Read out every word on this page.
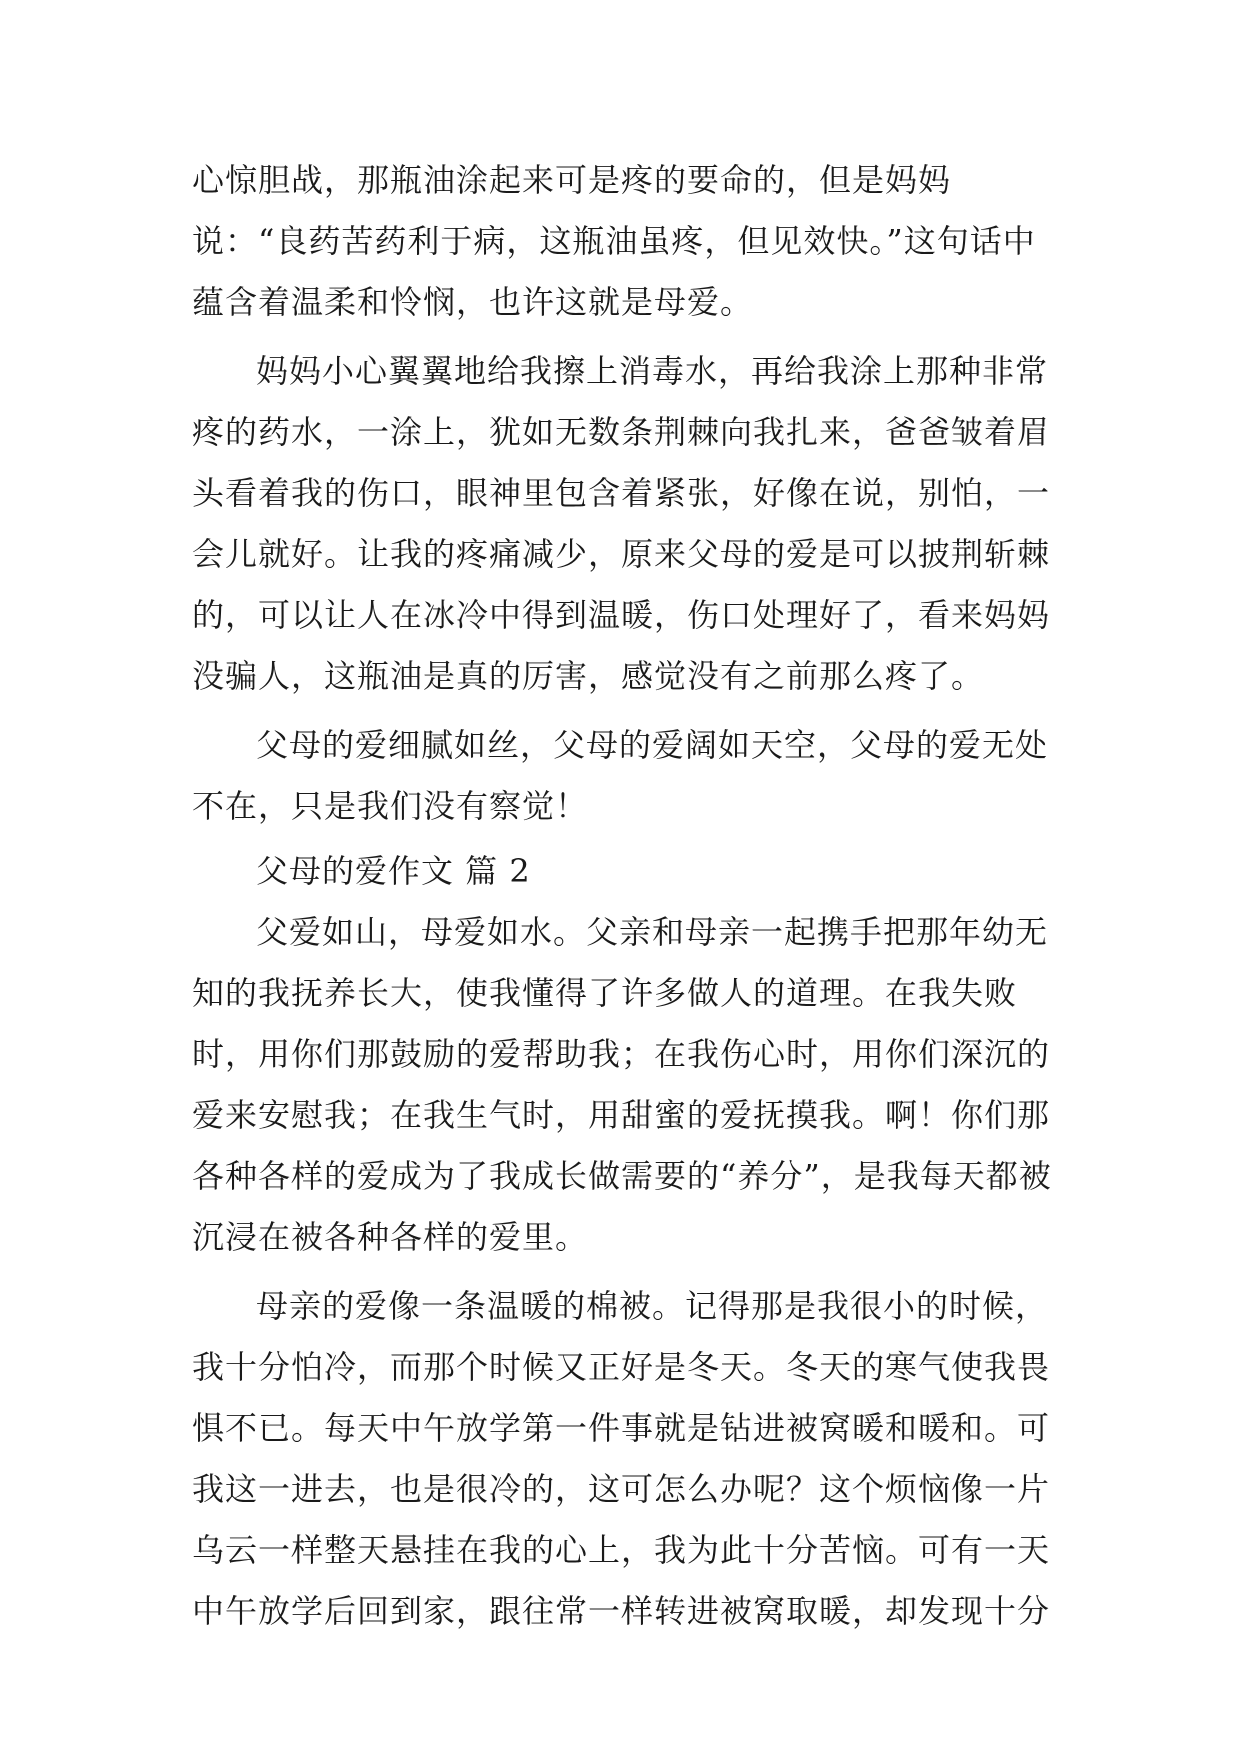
心惊胆战，那瓶油涂起来可是疼的要命的，但是妈妈说：“良药苦药利于病，这瓶油虽疼，但见效快。”这句话中蕴含着温柔和怜悯，也许这就是母爱。

妈妈小心翼翼地给我擦上消毒水，再给我涂上那种非常疼的药水，一涂上，犹如无数条荆棘向我扎来，爸爸皱着眉头看着我的伤口，眼神里包含着紧张，好像在说，别怕，一会儿就好。让我的疼痛减少，原来父母的爱是可以披荆斩棘的，可以让人在冰冷中得到温暖，伤口处理好了，看来妈妈没骗人，这瓶油是真的厉害，感觉没有之前那么疼了。

父母的爱细腻如丝，父母的爱阔如天空，父母的爱无处不在，只是我们没有察觉！

父母的爱作文 篇 2

父爱如山，母爱如水。父亲和母亲一起携手把那年幼无知的我抚养长大，使我懂得了许多做人的道理。在我失败时，用你们那鼓励的爱帮助我；在我伤心时，用你们深沉的爱来安慰我；在我生气时，用甜蜜的爱抚摸我。啊！你们那各种各样的爱成为了我成长做需要的“养分”，是我每天都被沉浸在被各种各样的爱里。

母亲的爱像一条温暖的棉被。记得那是我很小的时候，我十分怕冷，而那个时候又正好是冬天。冬天的寒气使我畏惧不已。每天中午放学第一件事就是钻进被窝暖和暖和。可我这一进去，也是很冷的，这可怎么办呢？这个烦恼像一片乌云一样整天悬挂在我的心上，我为此十分苦恼。可有一天中午放学后回到家，跟往常一样转进被窝取暖，却发现十分
